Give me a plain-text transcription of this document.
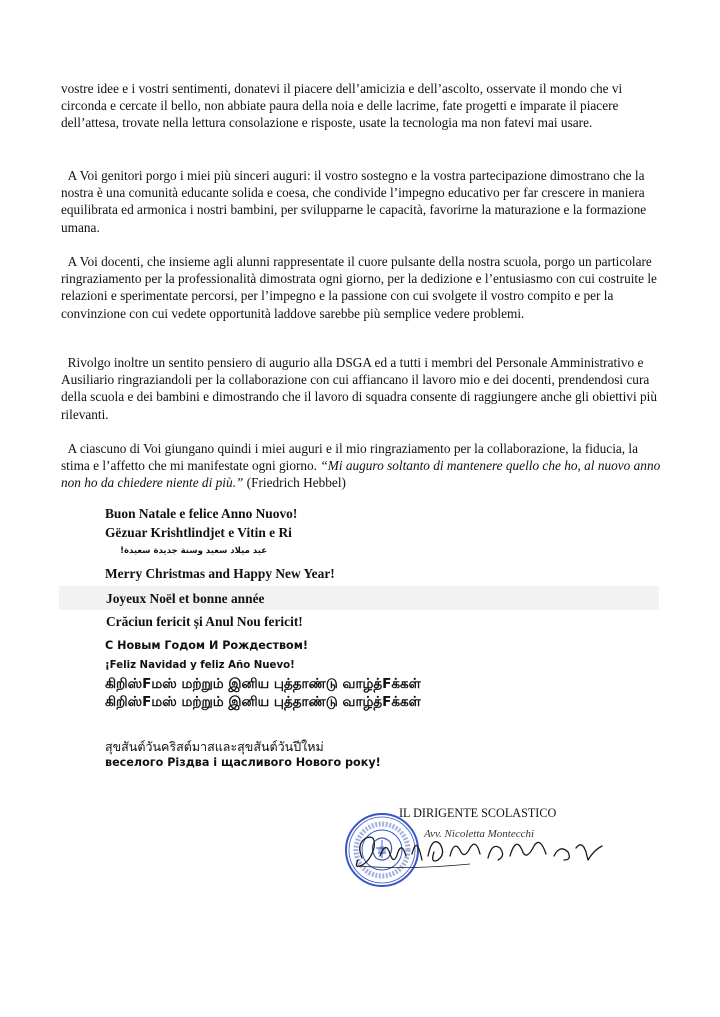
vostre idee e i vostri sentimenti, donatevi il piacere dell’amicizia e dell’ascolto, osservate il mondo che vi circonda e cercate il bello, non abbiate paura della noia e delle lacrime, fate progetti e imparate il piacere dell’attesa, trovate nella lettura consolazione e risposte, usate la tecnologia ma non fatevi mai usare.

A Voi genitori porgo i miei più sinceri auguri: il vostro sostegno e la vostra partecipazione dimostrano che la nostra è una comunità educante solida e coesa, che condivide l’impegno educativo per far crescere in maniera equilibrata ed armonica i nostri bambini, per svilupparne le capacità, favorirne la maturazione e la formazione umana.

A Voi docenti, che insieme agli alunni rappresentate il cuore pulsante della nostra scuola, porgo un particolare ringraziamento per la professionalità dimostrata ogni giorno, per la dedizione e l’entusiasmo con cui costruite le relazioni e sperimentate percorsi, per l’impegno e la passione con cui svolgete il vostro compito e per la convinzione con cui vedete opportunità laddove sarebbe più semplice vedere problemi.

Rivolgo inoltre un sentito pensiero di augurio alla DSGA ed a tutti i membri del Personale Amministrativo e Ausiliario ringraziandoli per la collaborazione con cui affiancano il lavoro mio e dei docenti, prendendosi cura della scuola e dei bambini e dimostrando che il lavoro di squadra consente di raggiungere anche gli obiettivi più rilevanti.

A ciascuno di Voi giungano quindi i miei auguri e il mio ringraziamento per la collaborazione, la fiducia, la stima e l’affetto che mi manifestate ogni giorno. “Mi auguro soltanto di mantenere quello che ho, al nuovo anno non ho da chiedere niente di più.” (Friedrich Hebbel)

Buon Natale e felice Anno Nuovo!

Gëzuar Krishtlindjet e Vitin e Ri

عيد ميلاد سعيد وسنة جديدة سعيدة!

Merry Christmas and Happy New Year!

Joyeux Noël et bonne année

Crăciun fericit și Anul Nou fericit!

С Новым Годом И Рождеством!

¡Feliz Navidad y feliz Año Nuevo!

கிறிஸ்Fமஸ் மற்றும் இனிய புத்தாண்டு வாழ்த்Fக்கள்

கிறிஸ்Fமஸ் மற்றும் இனிய புத்தாண்டு வாழ்த்Fக்கள்

สุขสันต์วันคริสต์มาสและสุขสันต์วันปีใหม่

веселого Різдва і щасливого Нового року!

IL DIRIGENTE SCOLASTICO
Avv. Nicoletta Montecchi
